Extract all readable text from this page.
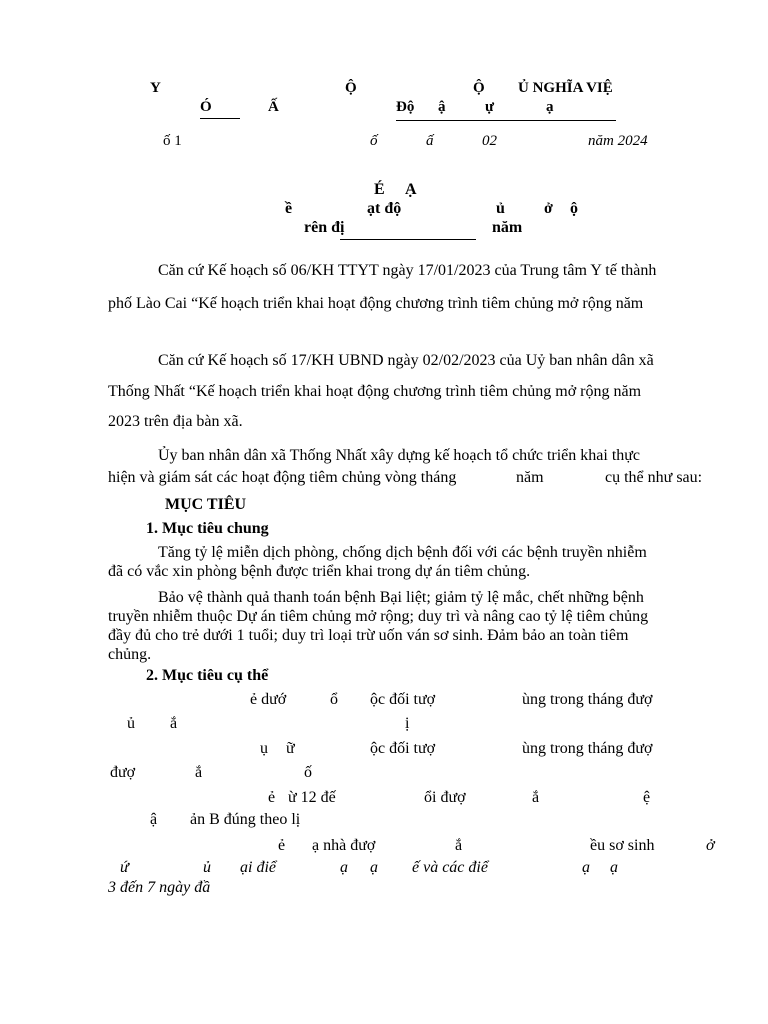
Y	Ộ	Ộ Ủ NGHĨA VIỆ
Ó	Ấ	Độ ậ	ự	ạ
ố 1	ố	ấ	02	năm 2024
É Ạ
ề	ạt độ	ủ ở ộ
rên đị	năm
Căn cứ Kế hoạch số 06/KH TTYT ngày 17/01/2023 của Trung tâm Y tế thành
phố Lào Cai “Kế hoạch triển khai hoạt động chương trình tiêm chủng mở rộng năm
Căn cứ Kế hoạch số 17/KH UBND ngày 02/02/2023 của Uỷ ban nhân dân xã
Thống Nhất “Kế hoạch triển khai hoạt động chương trình tiêm chủng mở rộng năm
2023 trên địa bàn xã.
Ủy ban nhân dân xã Thống Nhất xây dựng kế hoạch tổ chức triển khai thực
hiện và giám sát các hoạt động tiêm chủng vòng tháng	năm	cụ thể như sau:
MỤC TIÊU
1. Mục tiêu chung
Tăng tỷ lệ miễn dịch phòng, chống dịch bệnh đối với các bệnh truyền nhiễm
đã có vắc xin phòng bệnh được triển khai trong dự án tiêm chủng.
Bảo vệ thành quả thanh toán bệnh Bại liệt; giảm tỷ lệ mắc, chết những bệnh
truyền nhiễm thuộc Dự án tiêm chủng mở rộng; duy trì và nâng cao tỷ lệ tiêm chủng
đầy đủ cho trẻ dưới 1 tuổi; duy trì loại trừ uốn ván sơ sinh. Đảm bảo an toàn tiêm
chủng.
2. Mục tiêu cụ thể
ẻ dướ	ổ ộc đối tượ	ùng trong tháng đượ
ủ ắ	ị
ụ ữ	ộc đối tượ	ùng trong tháng đượ
đượ	ắ	ố
ẻ ừ 12 đế	ổi đượ	ắ	ệ
ậ ản B đúng theo lị
ẻ ạ nhà đượ	ắ	ều sơ sinh	ở
ứ	ủ ại điể	ạ ạ ế và các điể	ạ ạ
3 đến 7 ngày đầ
